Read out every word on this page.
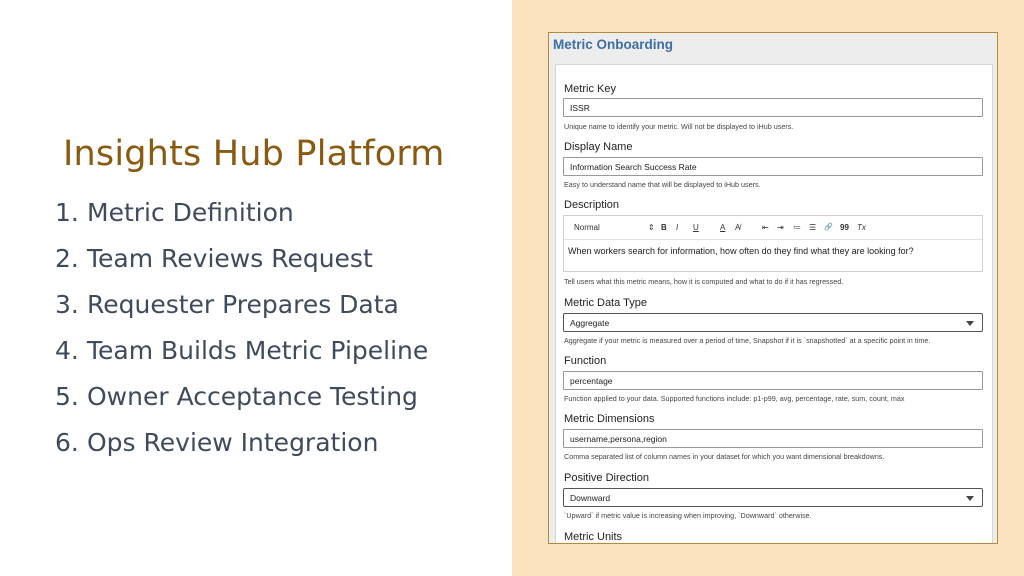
Insights Hub Platform
1. Metric Definition
2. Team Reviews Request
3. Requester Prepares Data
4. Team Builds Metric Pipeline
5. Owner Acceptance Testing
6. Ops Review Integration
Metric Onboarding
Metric Key
ISSR
Unique name to identify your metric. Will not be displayed to iHub users.
Display Name
Information Search Success Rate
Easy to understand name that will be displayed to iHub users.
Description
Normal	⇕ B I U	A A̸	⇤ ⇥ ≔ ☰ 🔗 99 Tx
When workers search for information, how often do they find what they are looking for?
Tell users what this metric means, how it is computed and what to do if it has regressed.
Metric Data Type
Aggregate
Aggregate if your metric is measured over a period of time, Snapshot if it is `snapshotted` at a specific point in time.
Function
percentage
Function applied to your data. Supported functions include: p1-p99, avg, percentage, rate, sum, count, max
Metric Dimensions
username,persona,region
Comma separated list of column names in your dataset for which you want dimensional breakdowns.
Positive Direction
Downward
`Upward` if metric value is increasing when improving, `Downward` otherwise.
Metric Units
